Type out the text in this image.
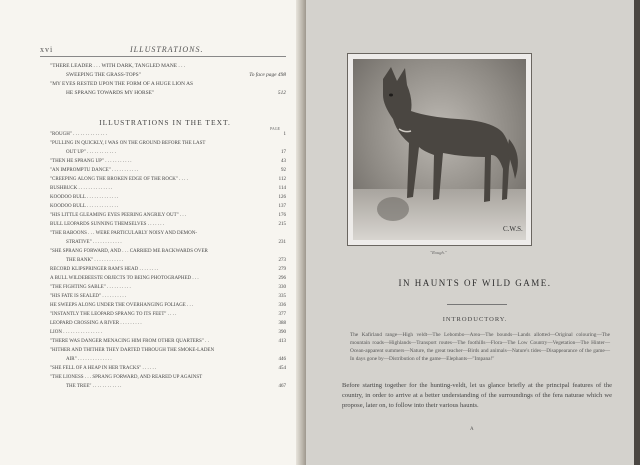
xvi	ILLUSTRATIONS.
"THERE LEADER . . . WITH DARK, TANGLED MANE . . .
SWEEPING THE GRASS-TOPS"	To face page 498
"MY EYES RESTED UPON THE FORM OF A HUGE LION AS
HE SPRANG TOWARDS MY HORSE"	512
ILLUSTRATIONS IN THE TEXT.
PAGE
"ROUGH" . . . . . . . . . . . . . .	1
"PULLING IN QUICKLY, I WAS ON THE GROUND BEFORE THE LAST
OUT UP" . . . . . . . . . . . .	17
"THEN HE SPRANG UP" . . . . . . . . . . .	43
"AN IMPROMPTU DANCE" . . . . . . . . . . .	92
"CREEPING ALONG THE BROKEN EDGE OF THE ROCK" . . . .	112
BUSHBUCK . . . . . . . . . . . . . .	114
KOODOO BULL . . . . . . . . . . . . .	126
KOODOO BULL . . . . . . . . . . . . .	137
"HIS LITTLE GLEAMING EYES PEERING ANGRILY OUT" . . .	176
BULL LEOPARDS SUNNING THEMSELVES . . . . . . .	215
"THE BABOONS . . . WERE PARTICULARLY NOISY AND DEMON-
STRATIVE" . . . . . . . . . . . .	231
"SHE SPRANG FORWARD, AND . . . CARRIED ME BACKWARDS OVER
THE BANK" . . . . . . . . . . . .	273
RECORD KLIPSPRINGER RAM'S HEAD . . . . . . . .	279
A BULL WILDEBEESTE OBJECTS TO BEING PHOTOGRAPHED . . .	296
"THE FIGHTING SABLE" . . . . . . . . . .	330
"HIS FATE IS SEALED" . . . . . . . . . .	335
HE SWEEPS ALONG UNDER THE OVERHANGING FOLIAGE . . .	336
"INSTANTLY THE LEOPARD SPRANG TO ITS FEET" . . . .	377
LEOPARD CROSSING A RIVER . . . . . . . . .	388
LION . . . . . . . . . . . . . . . .	390
"THERE WAS DANGER MENACING HIM FROM OTHER QUARTERS" . .	413
"HITHER AND THITHER THEY DARTED THROUGH THE SMOKE-LADEN
AIR" . . . . . . . . . . . . . .	446
"SHE FELL OF A HEAP IN HER TRACKS" . . . . . .	454
"THE LIONESS . . . SPRANG FORWARD, AND REARED UP AGAINST
THE TREE" . . . . . . . . . . . .	467
C.W.S.
"Rough."
IN HAUNTS OF WILD GAME.
INTRODUCTORY.
The Kafirland range—High veldt—The Lebombo—Area—The bounds—Lands allotted—Original colouring—The mountain roads—Highlands—Transport routes—The foothills—Flora—The Low Country—Vegetation—The Hinter—Ocean-apparent summers—Nature, the great teacher—Birds and animals—Nature's tides—Disappearance of the game—In days gone by—Distribution of the game—Elephants—"Impana!"
Before starting together for the hunting-veldt, let us glance briefly at the principal features of the country, in order to arrive at a better understanding of the surroundings of the fera naturae which we propose, later on, to follow into their various haunts.
A
